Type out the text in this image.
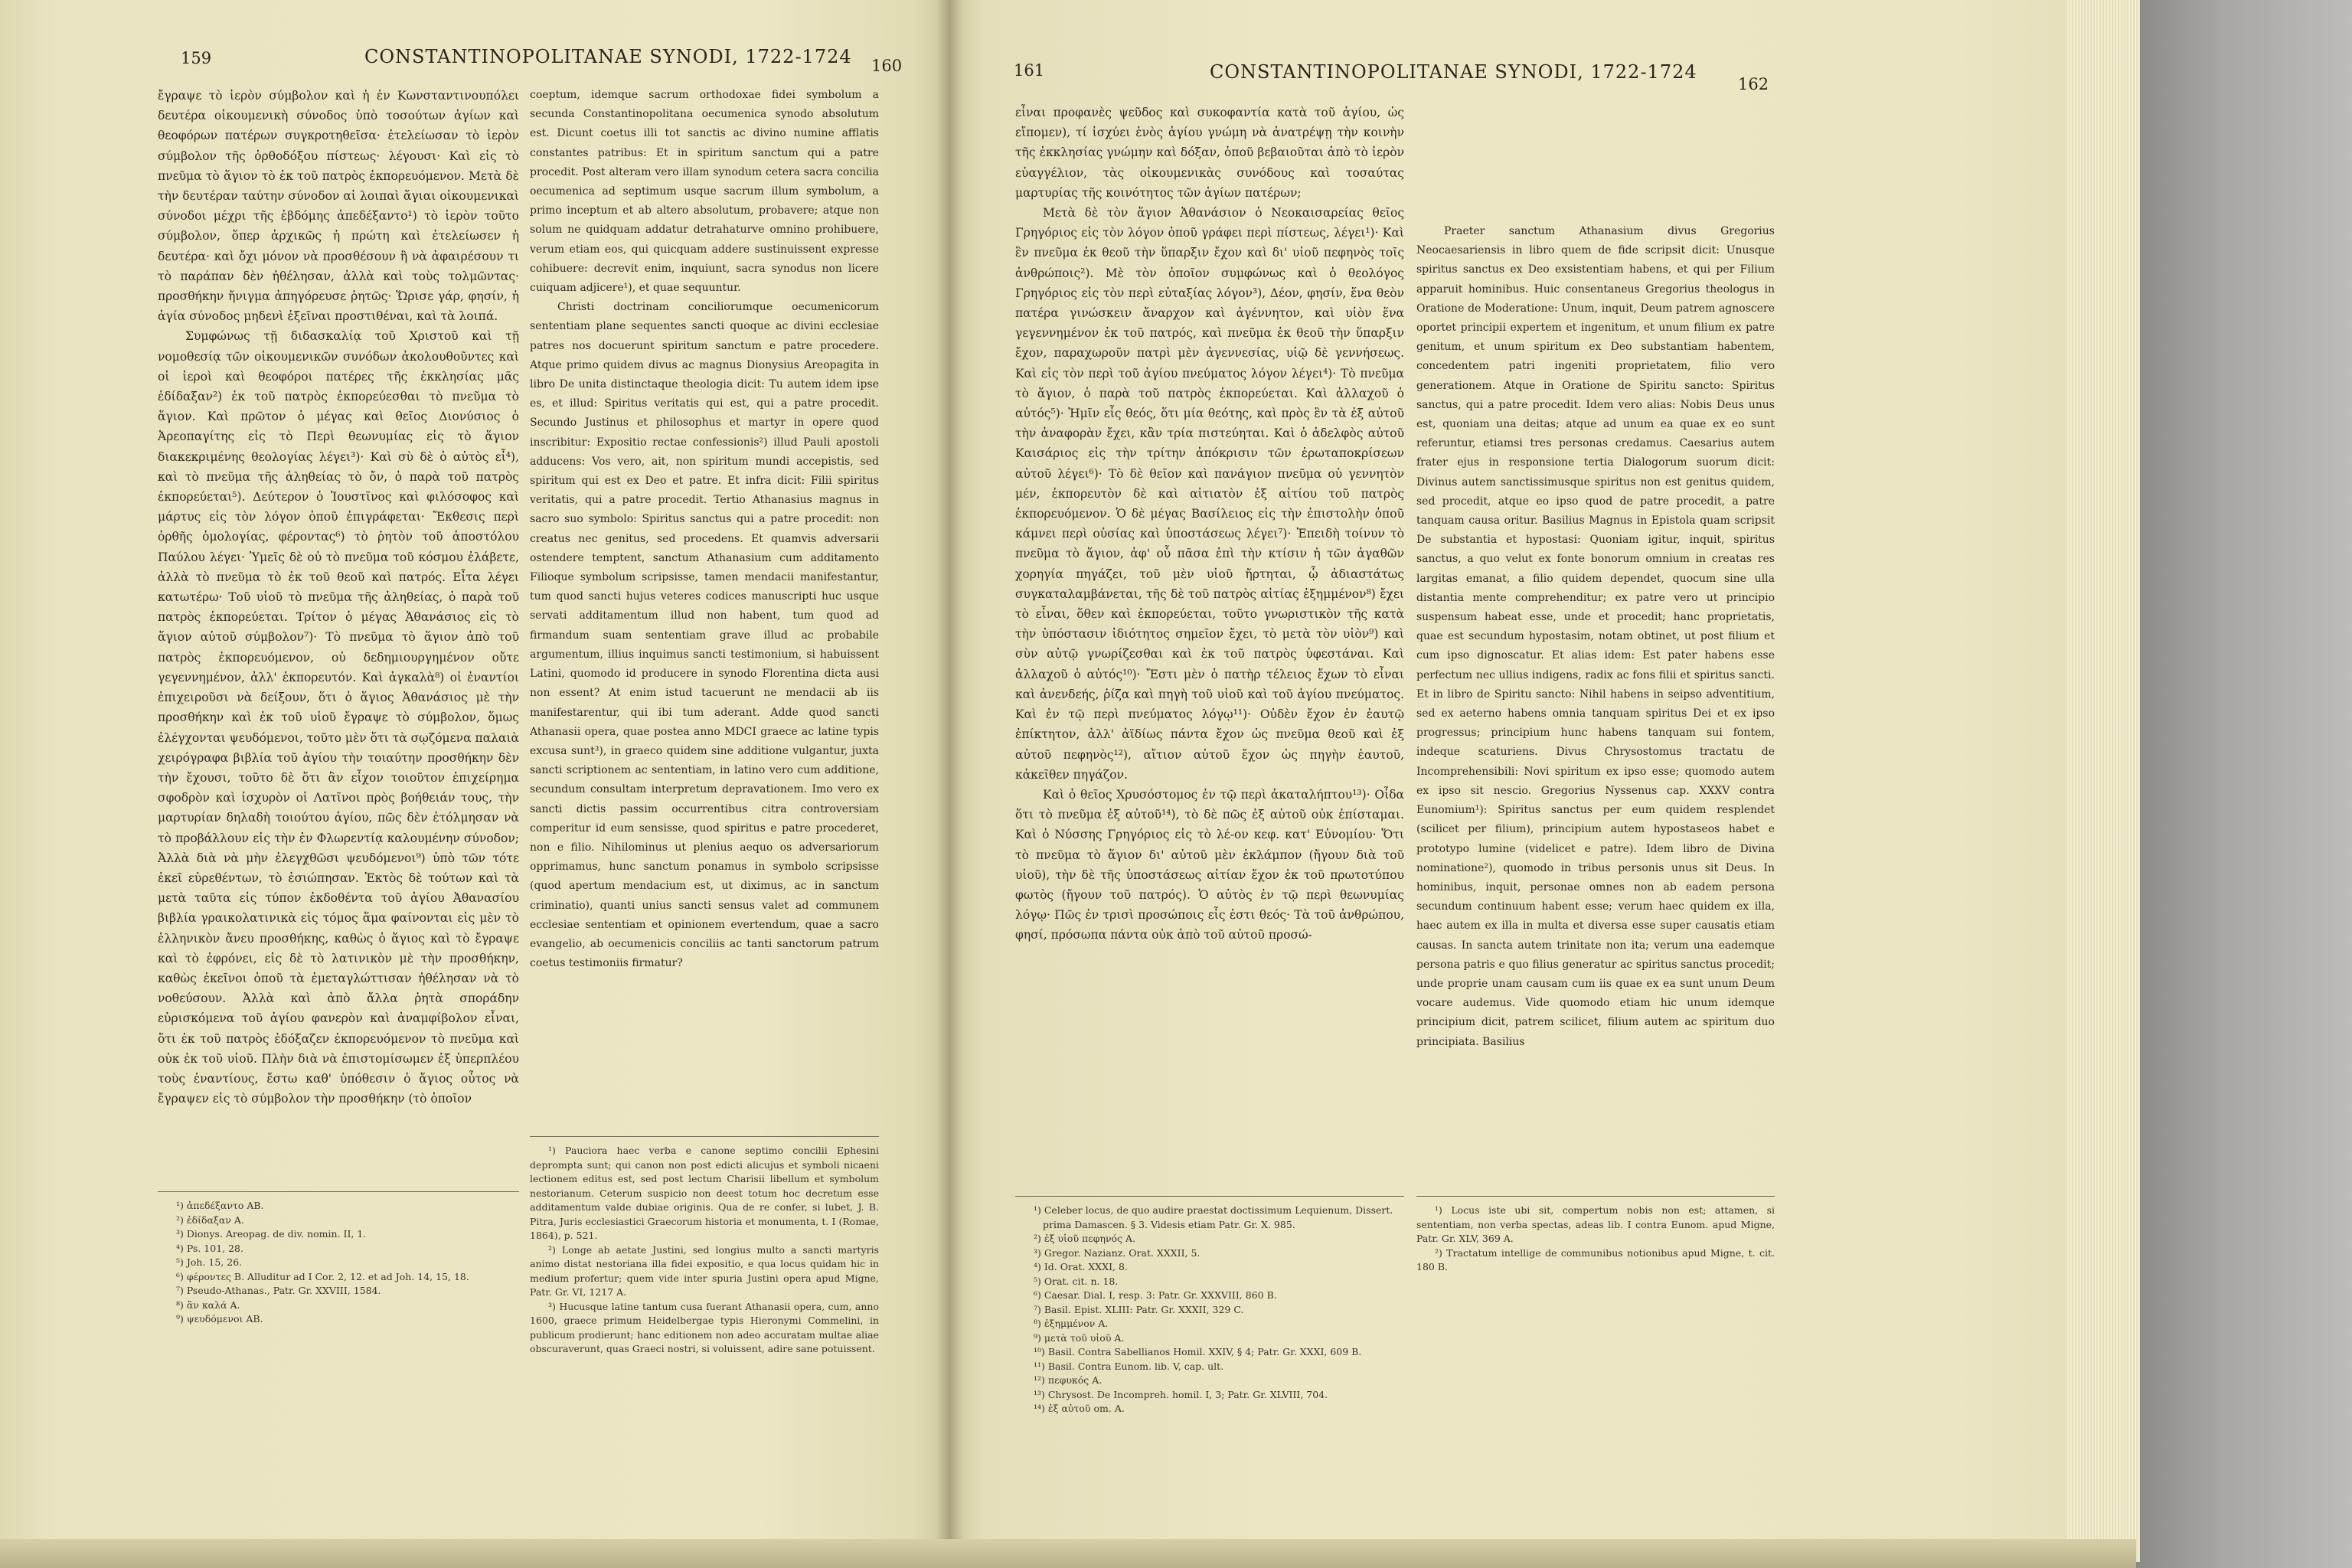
159	CONSTANTINOPOLITANAE SYNODI, 1722-1724 160

ἔγραψε τὸ ἱερὸν σύμβολον καὶ ἡ ἐν Κωνσταντινουπόλει δευτέρα οἰκουμενικὴ σύνοδος ὑπὸ τοσούτων ἁγίων καὶ θεοφόρων πατέρων συγκροτηθεῖσα· ἐτελείωσαν τὸ ἱερὸν σύμβολον τῆς ὀρθοδόξου πίστεως· λέγουσι· Καὶ εἰς τὸ πνεῦμα τὸ ἅγιον τὸ ἐκ τοῦ πατρὸς ἐκπορευόμενον. Μετὰ δὲ τὴν δευτέραν ταύτην σύνοδον αἱ λοιπαὶ ἅγιαι οἰκουμενικαὶ σύνοδοι μέχρι τῆς ἑβδόμης ἀπεδέξαντο¹) τὸ ἱερὸν τοῦτο σύμβολον, ὅπερ ἀρχικῶς ἡ πρώτη καὶ ἐτελείωσεν ἡ δευτέρα· καὶ ὄχι μόνον νὰ προσθέσουν ἢ νὰ ἀφαιρέσουν τι τὸ παράπαν δὲν ἠθέλησαν, ἀλλὰ καὶ τοὺς τολμῶντας· προσθήκην ἤνιγμα ἀπηγόρευσε ῥητῶς· Ὥρισε γάρ, φησίν, ἡ ἁγία σύνοδος μηδενὶ ἐξεῖναι προστιθέναι, καὶ τὰ λοιπά.

Συμφώνως τῇ διδασκαλίᾳ τοῦ Χριστοῦ καὶ τῇ νομοθεσίᾳ τῶν οἰκουμενικῶν συνόδων ἀκολουθοῦντες καὶ οἱ ἱεροὶ καὶ θεοφόροι πατέρες τῆς ἐκκλησίας μᾶς ἐδίδαξαν²) ἐκ τοῦ πατρὸς ἐκπορεύεσθαι τὸ πνεῦμα τὸ ἅγιον. Καὶ πρῶτον ὁ μέγας καὶ θεῖος Διονύσιος ὁ Ἀρεοπαγίτης εἰς τὸ Περὶ θεωνυμίας εἰς τὸ ἅγιον διακεκριμένης θεολογίας λέγει³)· Καὶ σὺ δὲ ὁ αὐτὸς εἶ⁴), καὶ τὸ πνεῦμα τῆς ἀληθείας τὸ ὄν, ὁ παρὰ τοῦ πατρὸς ἐκπορεύεται⁵). Δεύτερον ὁ Ἰουστῖνος καὶ φιλόσοφος καὶ μάρτυς εἰς τὸν λόγον ὁποῦ ἐπιγράφεται· Ἔκθεσις περὶ ὀρθῆς ὁμολογίας, φέροντας⁶) τὸ ῥητὸν τοῦ ἀποστόλου Παύλου λέγει· Ὑμεῖς δὲ οὐ τὸ πνεῦμα τοῦ κόσμου ἐλάβετε, ἀλλὰ τὸ πνεῦμα τὸ ἐκ τοῦ θεοῦ καὶ πατρός. Εἶτα λέγει κατωτέρω· Τοῦ υἱοῦ τὸ πνεῦμα τῆς ἀληθείας, ὁ παρὰ τοῦ πατρὸς ἐκπορεύεται. Τρίτον ὁ μέγας Ἀθανάσιος εἰς τὸ ἅγιον αὐτοῦ σύμβολον⁷)· Τὸ πνεῦμα τὸ ἅγιον ἀπὸ τοῦ πατρὸς ἐκπορευόμενον, οὐ δεδημιουργημένον οὔτε γεγεννημένον, ἀλλ' ἐκπορευτόν. Καὶ ἀγκαλὰ⁸) οἱ ἐναντίοι ἐπιχειροῦσι νὰ δείξουν, ὅτι ὁ ἅγιος Ἀθανάσιος μὲ τὴν προσθήκην καὶ ἐκ τοῦ υἱοῦ ἔγραψε τὸ σύμβολον, ὅμως ἐλέγχονται ψευδόμενοι, τοῦτο μὲν ὅτι τὰ σῳζόμενα παλαιὰ χειρόγραφα βιβλία τοῦ ἁγίου τὴν τοιαύτην προσθήκην δὲν τὴν ἔχουσι, τοῦτο δὲ ὅτι ἂν εἶχον τοιοῦτον ἐπιχείρημα σφοδρὸν καὶ ἰσχυρὸν οἱ Λατῖνοι πρὸς βοήθειάν τους, τὴν μαρτυρίαν δηλαδὴ τοιούτου ἁγίου, πῶς δὲν ἐτόλμησαν νὰ τὸ προβάλλουν εἰς τὴν ἐν Φλωρεντίᾳ καλουμένην σύνοδον; Ἀλλὰ διὰ νὰ μὴν ἐλεγχθῶσι ψευδόμενοι⁹) ὑπὸ τῶν τότε ἐκεῖ εὑρεθέντων, τὸ ἐσιώπησαν. Ἐκτὸς δὲ τούτων καὶ τὰ μετὰ ταῦτα εἰς τύπον ἐκδοθέντα τοῦ ἁγίου Ἀθανασίου βιβλία γραικολατινικὰ εἰς τόμος ἅμα φαίνονται εἰς μὲν τὸ ἑλληνικὸν ἄνευ προσθήκης, καθὼς ὁ ἅγιος καὶ τὸ ἔγραψε καὶ τὸ ἐφρόνει, εἰς δὲ τὸ λατινικὸν μὲ τὴν προσθήκην, καθὼς ἐκεῖνοι ὁποῦ τὰ ἐμεταγλώττισαν ἠθέλησαν νὰ τὸ νοθεύσουν. Ἀλλὰ καὶ ἀπὸ ἄλλα ῥητὰ σποράδην εὑρισκόμενα τοῦ ἁγίου φανερὸν καὶ ἀναμφίβολον εἶναι, ὅτι ἐκ τοῦ πατρὸς ἐδόξαζεν ἐκπορευόμενον τὸ πνεῦμα καὶ οὐκ ἐκ τοῦ υἱοῦ. Πλὴν διὰ νὰ ἐπιστομίσωμεν ἐξ ὑπερπλέου τοὺς ἐναντίους, ἔστω καθ' ὑπόθεσιν ὁ ἅγιος οὗτος νὰ ἔγραψεν εἰς τὸ σύμβολον τὴν προσθήκην (τὸ ὁποῖον

coeptum, idemque sacrum orthodoxae fidei symbolum a secunda Constantinopolitana oecumenica synodo absolutum est. Dicunt coetus illi tot sanctis ac divino numine afflatis constantes patribus: Et in spiritum sanctum qui a patre procedit. Post alteram vero illam synodum cetera sacra concilia oecumenica ad septimum usque sacrum illum symbolum, a primo inceptum et ab altero absolutum, probavere; atque non solum ne quidquam addatur detrahaturve omnino prohibuere, verum etiam eos, qui quicquam addere sustinuissent expresse cohibuere: decrevit enim, inquiunt, sacra synodus non licere cuiquam adjicere¹), et quae sequuntur.

Christi doctrinam conciliorumque oecumenicorum sententiam plane sequentes sancti quoque ac divini ecclesiae patres nos docuerunt spiritum sanctum e patre procedere. Atque primo quidem divus ac magnus Dionysius Areopagita in libro De unita distinctaque theologia dicit: Tu autem idem ipse es, et illud: Spiritus veritatis qui est, qui a patre procedit. Secundo Justinus et philosophus et martyr in opere quod inscribitur: Expositio rectae confessionis²) illud Pauli apostoli adducens: Vos vero, ait, non spiritum mundi accepistis, sed spiritum qui est ex Deo et patre. Et infra dicit: Filii spiritus veritatis, qui a patre procedit. Tertio Athanasius magnus in sacro suo symbolo: Spiritus sanctus qui a patre procedit: non creatus nec genitus, sed procedens. Et quamvis adversarii ostendere temptent, sanctum Athanasium cum additamento Filioque symbolum scripsisse, tamen mendacii manifestantur, tum quod sancti hujus veteres codices manuscripti huc usque servati additamentum illud non habent, tum quod ad firmandum suam sententiam grave illud ac probabile argumentum, illius inquimus sancti testimonium, si habuissent Latini, quomodo id producere in synodo Florentina dicta ausi non essent? At enim istud tacuerunt ne mendacii ab iis manifestarentur, qui ibi tum aderant. Adde quod sancti Athanasii opera, quae postea anno MDCI graece ac latine typis excusa sunt³), in graeco quidem sine additione vulgantur, juxta sancti scriptionem ac sententiam, in latino vero cum additione, secundum consultam interpretum depravationem. Imo vero ex sancti dictis passim occurrentibus citra controversiam comperitur id eum sensisse, quod spiritus e patre procederet, non e filio. Nihilominus ut plenius aequo os adversariorum opprimamus, hunc sanctum ponamus in symbolo scripsisse (quod apertum mendacium est, ut diximus, ac in sanctum criminatio), quanti unius sancti sensus valet ad communem ecclesiae sententiam et opinionem evertendum, quae a sacro evangelio, ab oecumenicis conciliis ac tanti sanctorum patrum coetus testimoniis firmatur?

¹) ἀπεδέξαντο AB.
²) ἐδίδαξαν A.
³) Dionys. Areopag. de div. nomin. II, 1.
⁴) Ps. 101, 28.
⁵) Joh. 15, 26.
⁶) φέροντες B. Alluditur ad I Cor. 2, 12. et ad Joh. 14, 15, 18.
⁷) Pseudo-Athanas., Patr. Gr. XXVIII, 1584.
⁸) ἂν καλά A.
⁹) ψευδόμενοι AB.
¹) Pauciora haec verba e canone septimo concilii Ephesini deprompta sunt; qui canon non post edicti alicujus et symboli nicaeni lectionem editus est, sed post lectum Charisii libellum et symbolum nestorianum. Ceterum suspicio non deest totum hoc decretum esse additamentum valde dubiae originis. Qua de re confer, si lubet, J. B. Pitra, Juris ecclesiastici Graecorum historia et monumenta, t. I (Romae, 1864), p. 521.
²) Longe ab aetate Justini, sed longius multo a sancti martyris animo distat nestoriana illa fidei expositio, e qua locus quidam hic in medium profertur; quem vide inter spuria Justini opera apud Migne, Patr. Gr. VI, 1217 A.
³) Hucusque latine tantum cusa fuerant Athanasii opera, cum, anno 1600, graece primum Heidelbergae typis Hieronymi Commelini, in publicum prodierunt; hanc editionem non adeo accuratam multae aliae obscuraverunt, quas Graeci nostri, si voluissent, adire sane potuissent.
161	CONSTANTINOPOLITANAE SYNODI, 1722-1724
162

εἶναι προφανὲς ψεῦδος καὶ συκοφαντία κατὰ τοῦ ἁγίου, ὡς εἴπομεν), τί ἰσχύει ἑνὸς ἁγίου γνώμη νὰ ἀνατρέψῃ τὴν κοινὴν τῆς ἐκκλησίας γνώμην καὶ δόξαν, ὁποῦ βεβαιοῦται ἀπὸ τὸ ἱερὸν εὐαγγέλιον, τὰς οἰκουμενικὰς συνόδους καὶ τοσαύτας μαρτυρίας τῆς κοινότητος τῶν ἁγίων πατέρων;

Μετὰ δὲ τὸν ἅγιον Ἀθανάσιον ὁ Νεοκαισαρείας θεῖος Γρηγόριος εἰς τὸν λόγον ὁποῦ γράφει περὶ πίστεως, λέγει¹)· Καὶ ἓν πνεῦμα ἐκ θεοῦ τὴν ὕπαρξιν ἔχον καὶ δι' υἱοῦ πεφηνὸς τοῖς ἀνθρώποις²). Μὲ τὸν ὁποῖον συμφώνως καὶ ὁ θεολόγος Γρηγόριος εἰς τὸν περὶ εὐταξίας λόγον³), Δέον, φησίν, ἕνα θεὸν πατέρα γινώσκειν ἄναρχον καὶ ἀγέννητον, καὶ υἱὸν ἕνα γεγεννημένον ἐκ τοῦ πατρός, καὶ πνεῦμα ἐκ θεοῦ τὴν ὕπαρξιν ἔχον, παραχωροῦν πατρὶ μὲν ἀγεννεσίας, υἱῷ δὲ γεννήσεως. Καὶ εἰς τὸν περὶ τοῦ ἁγίου πνεύματος λόγον λέγει⁴)· Τὸ πνεῦμα τὸ ἅγιον, ὁ παρὰ τοῦ πατρὸς ἐκπορεύεται. Καὶ ἀλλαχοῦ ὁ αὐτός⁵)· Ἡμῖν εἷς θεός, ὅτι μία θεότης, καὶ πρὸς ἓν τὰ ἐξ αὐτοῦ τὴν ἀναφορὰν ἔχει, κἂν τρία πιστεύηται. Καὶ ὁ ἀδελφὸς αὐτοῦ Καισάριος εἰς τὴν τρίτην ἀπόκρισιν τῶν ἐρωταποκρίσεων αὐτοῦ λέγει⁶)· Τὸ δὲ θεῖον καὶ πανάγιον πνεῦμα οὐ γεννητὸν μέν, ἐκπορευτὸν δὲ καὶ αἰτιατὸν ἐξ αἰτίου τοῦ πατρὸς ἐκπορευόμενον. Ὁ δὲ μέγας Βασίλειος εἰς τὴν ἐπιστολὴν ὁποῦ κάμνει περὶ οὐσίας καὶ ὑποστάσεως λέγει⁷)· Ἐπειδὴ τοίνυν τὸ πνεῦμα τὸ ἅγιον, ἀφ' οὗ πᾶσα ἐπὶ τὴν κτίσιν ἡ τῶν ἀγαθῶν χορηγία πηγάζει, τοῦ μὲν υἱοῦ ἤρτηται, ᾧ ἀδιαστάτως συγκαταλαμβάνεται, τῆς δὲ τοῦ πατρὸς αἰτίας ἐξημμένον⁸) ἔχει τὸ εἶναι, ὅθεν καὶ ἐκπορεύεται, τοῦτο γνωριστικὸν τῆς κατὰ τὴν ὑπόστασιν ἰδιότητος σημεῖον ἔχει, τὸ μετὰ τὸν υἱὸν⁹) καὶ σὺν αὐτῷ γνωρίζεσθαι καὶ ἐκ τοῦ πατρὸς ὑφεστάναι. Καὶ ἀλλαχοῦ ὁ αὐτός¹⁰)· Ἔστι μὲν ὁ πατὴρ τέλειος ἔχων τὸ εἶναι καὶ ἀνενδεής, ῥίζα καὶ πηγὴ τοῦ υἱοῦ καὶ τοῦ ἁγίου πνεύματος. Καὶ ἐν τῷ περὶ πνεύματος λόγῳ¹¹)· Οὐδὲν ἔχον ἐν ἑαυτῷ ἐπίκτητον, ἀλλ' ἀϊδίως πάντα ἔχον ὡς πνεῦμα θεοῦ καὶ ἐξ αὐτοῦ πεφηνὸς¹²), αἴτιον αὐτοῦ ἔχον ὡς πηγὴν ἑαυτοῦ, κἀκεῖθεν πηγάζον.

Καὶ ὁ θεῖος Χρυσόστομος ἐν τῷ περὶ ἀκαταλήπτου¹³)· Οἶδα ὅτι τὸ πνεῦμα ἐξ αὐτοῦ¹⁴), τὸ δὲ πῶς ἐξ αὐτοῦ οὐκ ἐπίσταμαι. Καὶ ὁ Νύσσης Γρηγόριος εἰς τὸ λέ-ον κεφ. κατ' Εὐνομίου· Ὅτι τὸ πνεῦμα τὸ ἅγιον δι' αὐτοῦ μὲν ἐκλάμπον (ἤγουν διὰ τοῦ υἱοῦ), τὴν δὲ τῆς ὑποστάσεως αἰτίαν ἔχον ἐκ τοῦ πρωτοτύπου φωτὸς (ἤγουν τοῦ πατρός). Ὁ αὐτὸς ἐν τῷ περὶ θεωνυμίας λόγῳ· Πῶς ἐν τρισὶ προσώποις εἷς ἐστι θεός· Τὰ τοῦ ἀνθρώπου, φησί, πρόσωπα πάντα οὐκ ἀπὸ τοῦ αὐτοῦ προσώ-

Praeter sanctum Athanasium divus Gregorius Neocaesariensis in libro quem de fide scripsit dicit: Unusque spiritus sanctus ex Deo exsistentiam habens, et qui per Filium apparuit hominibus. Huic consentaneus Gregorius theologus in Oratione de Moderatione: Unum, inquit, Deum patrem agnoscere oportet principii expertem et ingenitum, et unum filium ex patre genitum, et unum spiritum ex Deo substantiam habentem, concedentem patri ingeniti proprietatem, filio vero generationem. Atque in Oratione de Spiritu sancto: Spiritus sanctus, qui a patre procedit. Idem vero alias: Nobis Deus unus est, quoniam una deitas; atque ad unum ea quae ex eo sunt referuntur, etiamsi tres personas credamus. Caesarius autem frater ejus in responsione tertia Dialogorum suorum dicit: Divinus autem sanctissimusque spiritus non est genitus quidem, sed procedit, atque eo ipso quod de patre procedit, a patre tanquam causa oritur. Basilius Magnus in Epistola quam scripsit De substantia et hypostasi: Quoniam igitur, inquit, spiritus sanctus, a quo velut ex fonte bonorum omnium in creatas res largitas emanat, a filio quidem dependet, quocum sine ulla distantia mente comprehenditur; ex patre vero ut principio suspensum habeat esse, unde et procedit; hanc proprietatis, quae est secundum hypostasim, notam obtinet, ut post filium et cum ipso dignoscatur. Et alias idem: Est pater habens esse perfectum nec ullius indigens, radix ac fons filii et spiritus sancti. Et in libro de Spiritu sancto: Nihil habens in seipso adventitium, sed ex aeterno habens omnia tanquam spiritus Dei et ex ipso progressus; principium hunc habens tanquam sui fontem, indeque scaturiens. Divus Chrysostomus tractatu de Incomprehensibili: Novi spiritum ex ipso esse; quomodo autem ex ipso sit nescio. Gregorius Nyssenus cap. XXXV contra Eunomium¹): Spiritus sanctus per eum quidem resplendet (scilicet per filium), principium autem hypostaseos habet e prototypo lumine (videlicet e patre). Idem libro de Divina nominatione²), quomodo in tribus personis unus sit Deus. In hominibus, inquit, personae omnes non ab eadem persona secundum continuum habent esse; verum haec quidem ex illa, haec autem ex illa in multa et diversa esse super causatis etiam causas. In sancta autem trinitate non ita; verum una eademque persona patris e quo filius generatur ac spiritus sanctus procedit; unde proprie unam causam cum iis quae ex ea sunt unum Deum vocare audemus. Vide quomodo etiam hic unum idemque principium dicit, patrem scilicet, filium autem ac spiritum duo principiata. Basilius

¹) Celeber locus, de quo audire praestat doctissimum Lequienum, Dissert. prima Damascen. § 3. Videsis etiam Patr. Gr. X. 985.
²) ἐξ υἱοῦ πεφηνός A.
³) Gregor. Nazianz. Orat. XXXII, 5.
⁴) Id. Orat. XXXI, 8.
⁵) Orat. cit. n. 18.
⁶) Caesar. Dial. I, resp. 3: Patr. Gr. XXXVIII, 860 B.
⁷) Basil. Epist. XLIII: Patr. Gr. XXXII, 329 C.
⁸) ἐξημμένον A.
⁹) μετὰ τοῦ υἱοῦ A.
¹⁰) Basil. Contra Sabellianos Homil. XXIV, § 4; Patr. Gr. XXXI, 609 B.
¹¹) Basil. Contra Eunom. lib. V, cap. ult.
¹²) πεφυκός A.
¹³) Chrysost. De Incompreh. homil. I, 3; Patr. Gr. XLVIII, 704.
¹⁴) ἐξ αὐτοῦ om. A.
¹) Locus iste ubi sit, compertum nobis non est; attamen, si sententiam, non verba spectas, adeas lib. I contra Eunom. apud Migne, Patr. Gr. XLV, 369 A.
²) Tractatum intellige de communibus notionibus apud Migne, t. cit. 180 B.
